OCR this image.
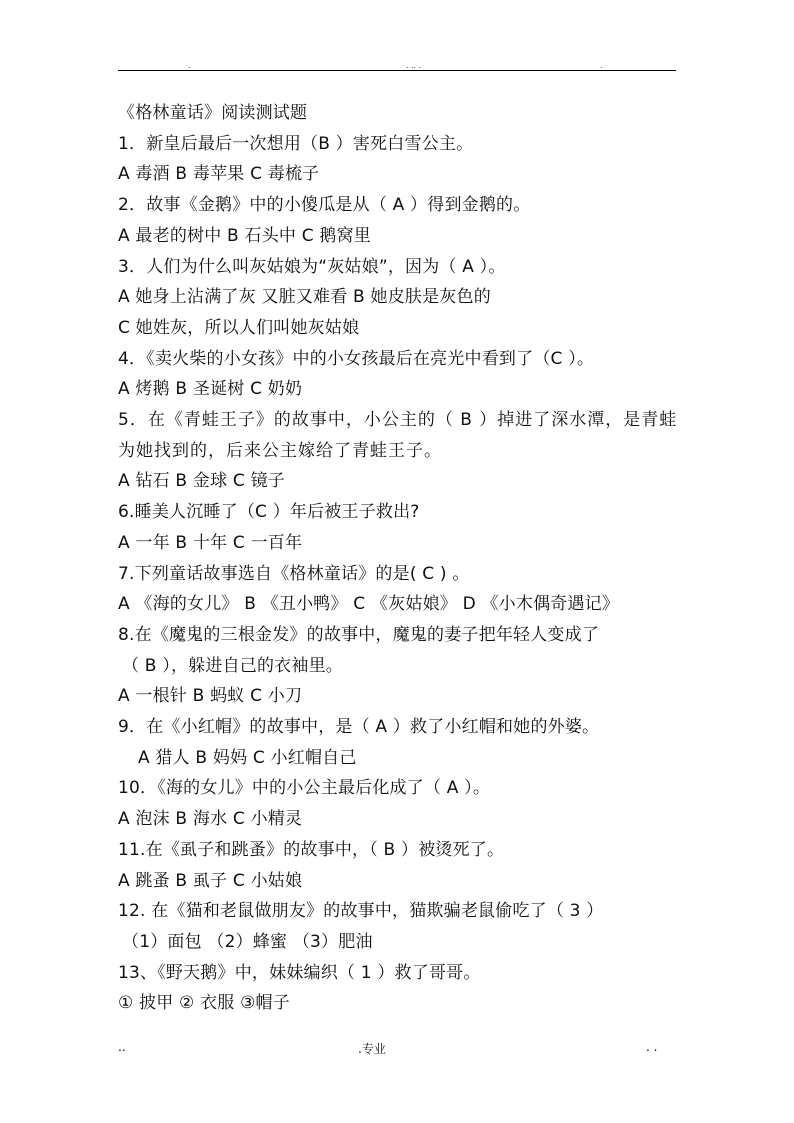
.	. .. .	.
《格林童话》阅读测试题
1．新皇后最后一次想用（B ）害死白雪公主。
A 毒酒 B 毒苹果 C 毒梳子
2．故事《金鹅》中的小傻瓜是从（ A ）得到金鹅的。
A 最老的树中 B 石头中 C 鹅窝里
3．人们为什么叫灰姑娘为“灰姑娘”，因为（ A ）。
A 她身上沾满了灰 又脏又难看 B 她皮肤是灰色的
C 她姓灰，所以人们叫她灰姑娘
4．《卖火柴的小女孩》中的小女孩最后在亮光中看到了（C ）。
A 烤鹅 B 圣诞树 C 奶奶
5．在《青蛙王子》的故事中，小公主的（ B ）掉进了深水潭，是青蛙为她找到的，后来公主嫁给了青蛙王子。
A 钻石 B 金球 C 镜子
6.睡美人沉睡了（C ）年后被王子救出?
A 一年 B 十年 C 一百年
7.下列童话故事选自《格林童话》的是( C ) 。
A 《海的女儿》 B 《丑小鸭》 C 《灰姑娘》 D 《小木偶奇遇记》
8.在《魔鬼的三根金发》的故事中，魔鬼的妻子把年轻人变成了
（ B ），躲进自己的衣袖里。
A 一根针 B 蚂蚁 C 小刀
9．在《小红帽》的故事中，是（ A ）救了小红帽和她的外婆。
A 猎人 B 妈妈 C 小红帽自己
10．《海的女儿》中的小公主最后化成了（ A ）。
A 泡沫 B 海水 C 小精灵
11.在《虱子和跳蚤》的故事中，（ B ）被烫死了。
A 跳蚤 B 虱子 C 小姑娘
12. 在《猫和老鼠做朋友》的故事中，猫欺骗老鼠偷吃了（ 3 ）
（1）面包 （2）蜂蜜 （3）肥油
13、《野天鹅》中，妹妹编织（ 1 ）救了哥哥。
① 披甲 ② 衣服 ③帽子
..	.专业	. .
